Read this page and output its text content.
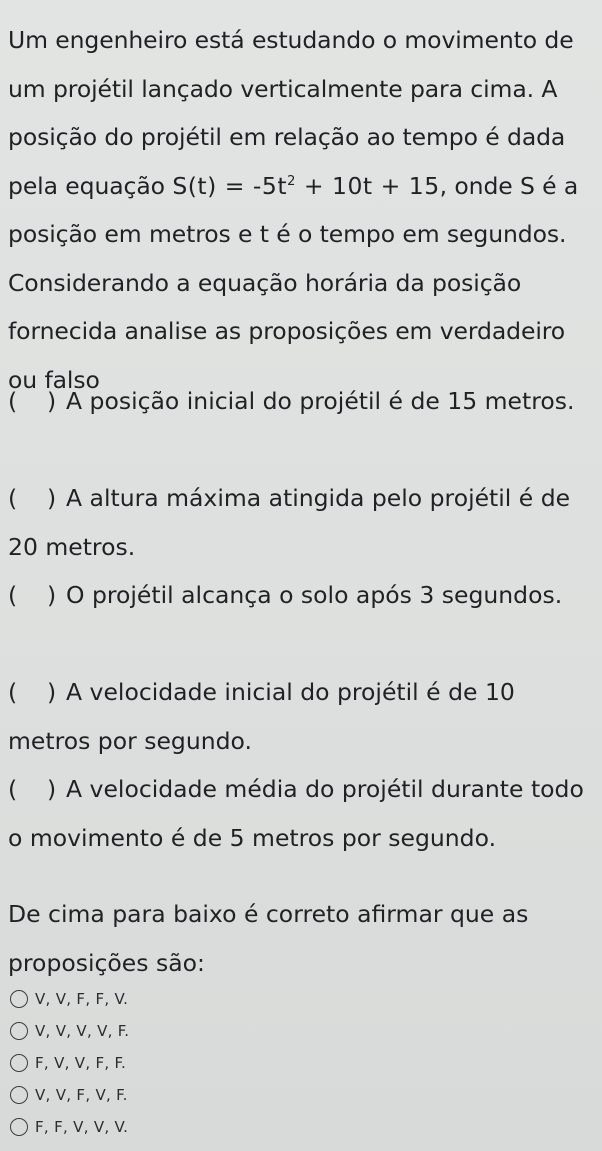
Um engenheiro está estudando o movimento de um projétil lançado verticalmente para cima. A posição do projétil em relação ao tempo é dada pela equação $S(t) = -5t^2 + 10t + 15$, onde S é a posição em metros e t é o tempo em segundos. Considerando a equação horária da posição fornecida analise as proposições em verdadeiro ou falso

(    ) A posição inicial do projétil é de 15 metros.

(    ) A altura máxima atingida pelo projétil é de 20 metros.

(    ) O projétil alcança o solo após 3 segundos.

(    ) A velocidade inicial do projétil é de 10 metros por segundo.

(    ) A velocidade média do projétil durante todo o movimento é de 5 metros por segundo.

De cima para baixo é correto afirmar que as proposições são:
V, V, F, F, V.
V, V, V, V, F.
F, V, V, F, F.
V, V, F, V, F.
F, F, V, V, V.
